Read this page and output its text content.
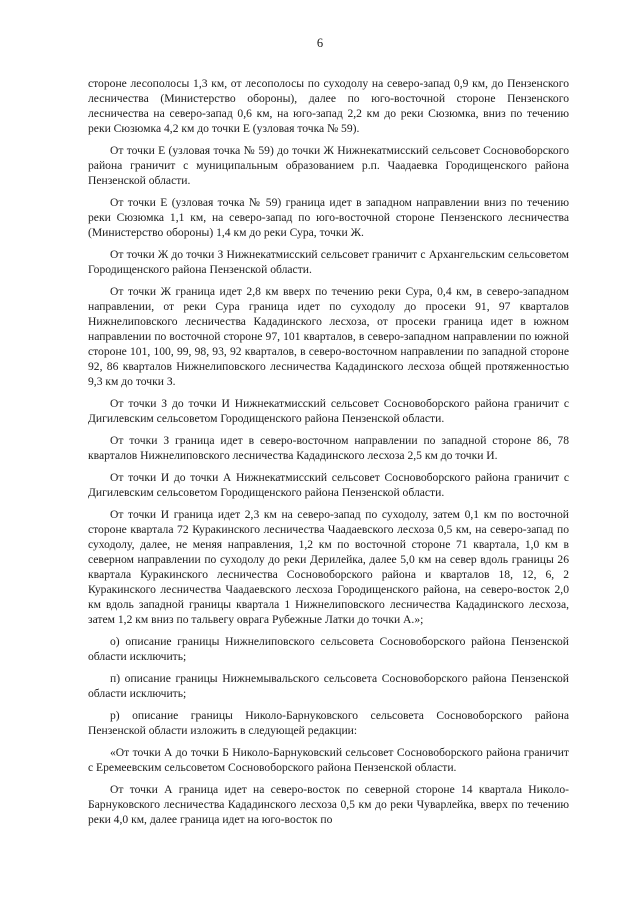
6

стороне лесополосы 1,3 км, от лесополосы по суходолу на северо-запад 0,9 км, до Пензенского лесничества (Министерство обороны), далее по юго-восточной стороне Пензенского лесничества на северо-запад 0,6 км, на юго-запад 2,2 км до реки Сюзюмка, вниз по течению реки Сюзюмка 4,2 км до точки Е (узловая точка № 59).

От точки Е (узловая точка № 59) до точки Ж Нижнекатмисский сельсовет Сосновоборского района граничит с муниципальным образованием р.п. Чаадаевка Городищенского района Пензенской области.

От точки Е (узловая точка № 59) граница идет в западном направлении вниз по течению реки Сюзюмка 1,1 км, на северо-запад по юго-восточной стороне Пензенского лесничества (Министерство обороны) 1,4 км до реки Сура, точки Ж.

От точки Ж до точки З Нижнекатмисский сельсовет граничит с Архангельским сельсоветом Городищенского района Пензенской области.

От точки Ж граница идет 2,8 км вверх по течению реки Сура, 0,4 км, в северо-западном направлении, от реки Сура граница идет по суходолу до просеки 91, 97 кварталов Нижнелиповского лесничества Кададинского лесхоза, от просеки граница идет в южном направлении по восточной стороне 97, 101 кварталов, в северо-западном направлении по южной стороне 101, 100, 99, 98, 93, 92 кварталов, в северо-восточном направлении по западной стороне 92, 86 кварталов Нижнелиповского лесничества Кададинского лесхоза общей протяженностью 9,3 км до точки З.

От точки З до точки И Нижнекатмисский сельсовет Сосновоборского района граничит с Дигилевским сельсоветом Городищенского района Пензенской области.

От точки З граница идет в северо-восточном направлении по западной стороне 86, 78 кварталов Нижнелиповского лесничества Кададинского лесхоза 2,5 км до точки И.

От точки И до точки А Нижнекатмисский сельсовет Сосновоборского района граничит с Дигилевским сельсоветом Городищенского района Пензенской области.

От точки И граница идет 2,3 км на северо-запад по суходолу, затем 0,1 км по восточной стороне квартала 72 Куракинского лесничества Чаадаевского лесхоза 0,5 км, на северо-запад по суходолу, далее, не меняя направления, 1,2 км по восточной стороне 71 квартала, 1,0 км в северном направлении по суходолу до реки Дерилейка, далее 5,0 км на север вдоль границы 26 квартала Куракинского лесничества Сосновоборского района и кварталов 18, 12, 6, 2 Куракинского лесничества Чаадаевского лесхоза Городищенского района, на северо-восток 2,0 км вдоль западной границы квартала 1 Нижнелиповского лесничества Кададинского лесхоза, затем 1,2 км вниз по тальвегу оврага Рубежные Латки до точки А.»;

о) описание границы Нижнелиповского сельсовета Сосновоборского района Пензенской области исключить;

п) описание границы Нижнемывальского сельсовета Сосновоборского района Пензенской области исключить;

р) описание границы Николо-Барнуковского сельсовета Сосновоборского района Пензенской области изложить в следующей редакции:

«От точки А до точки Б Николо-Барнуковский сельсовет Сосновоборского района граничит с Еремеевским сельсоветом Сосновоборского района Пензенской области.

От точки А граница идет на северо-восток по северной стороне 14 квартала Николо-Барнуковского лесничества Кададинского лесхоза 0,5 км до реки Чуварлейка, вверх по течению реки 4,0 км, далее граница идет на юго-восток по
